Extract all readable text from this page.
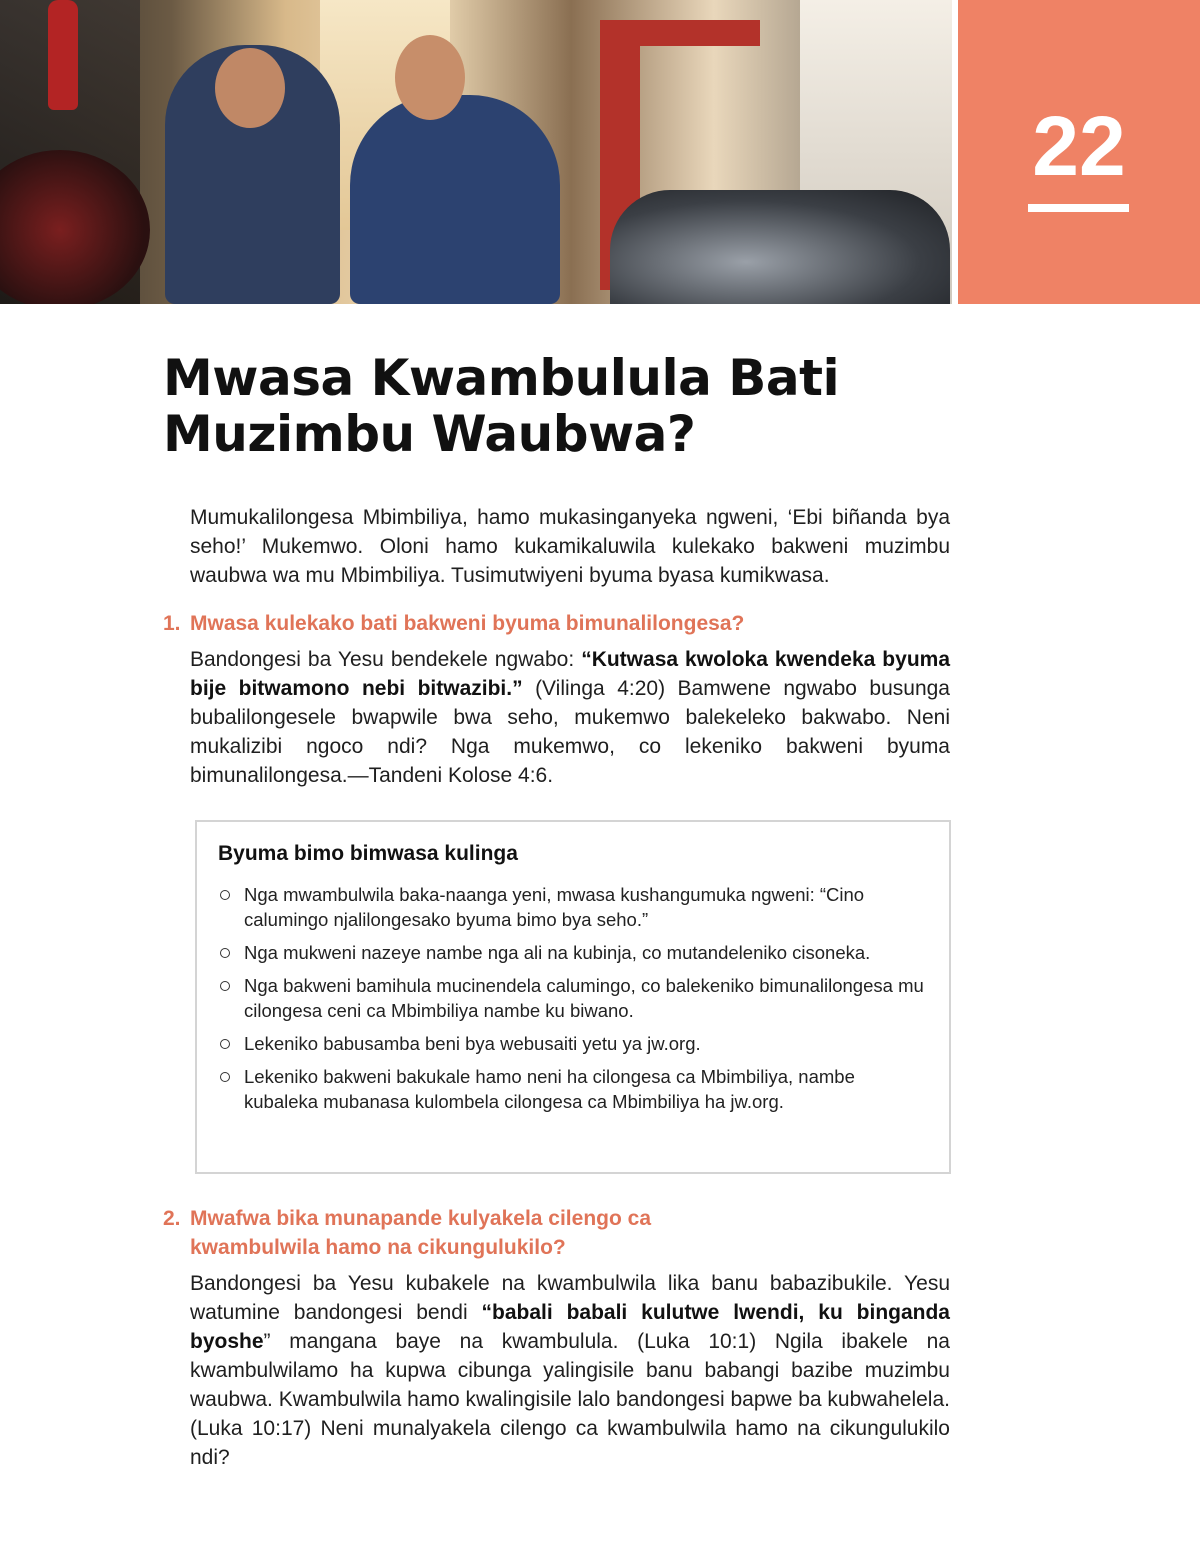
22
Mwasa Kwambulula Bati
Muzimbu Waubwa?

Mumukalilongesa Mbimbiliya, hamo mukasinganyeka ngweni, ‘Ebi biñanda bya seho!’ Mukemwo. Oloni hamo kukamikaluwila kulekako bakweni muzimbu waubwa wa mu Mbimbiliya. Tusimutwiyeni byuma byasa kumikwasa.

1. Mwasa kulekako bati bakweni byuma bimunalilongesa?

Bandongesi ba Yesu bendekele ngwabo: “Kutwasa kwoloka kwendeka byuma bije bitwamono nebi bitwazibi.” (Vilinga 4:20) Bamwene ngwabo busunga bubalilongesele bwapwile bwa seho, mukemwo balekeleko bakwabo. Neni mukalizibi ngoco ndi? Nga mukemwo, co lekeniko bakweni byuma bimunalilongesa.—Tandeni Kolose 4:6.

Byuma bimo bimwasa kulinga
Nga mwambulwila baka-naanga yeni, mwasa kushangumuka ngweni: “Cino calumingo njalilongesako byuma bimo bya seho.”
Nga mukweni nazeye nambe nga ali na kubinja, co mutandeleniko cisoneka.
Nga bakweni bamihula mucinendela calumingo, co balekeniko bimunalilongesa mu cilongesa ceni ca Mbimbiliya nambe ku biwano.
Lekeniko babusamba beni bya webusaiti yetu ya jw.org.
Lekeniko bakweni bakukale hamo neni ha cilongesa ca Mbimbiliya, nambe kubaleka mubanasa kulombela cilongesa ca Mbimbiliya ha jw.org.
2. Mwafwa bika munapande kulyakela cilengo ca
kwambulwila hamo na cikungulukilo?

Bandongesi ba Yesu kubakele na kwambulwila lika banu babazibukile. Yesu watumine bandongesi bendi “babali babali kulutwe lwendi, ku binganda byoshe” mangana baye na kwambulula. (Luka 10:1) Ngila ibakele na kwambulwilamo ha kupwa cibunga yalingisile banu babangi bazibe muzimbu waubwa. Kwambulwila hamo kwalingisile lalo bandongesi bapwe ba kubwahelela. (Luka 10:17) Neni munalyakela cilengo ca kwambulwila hamo na cikungulukilo ndi?
